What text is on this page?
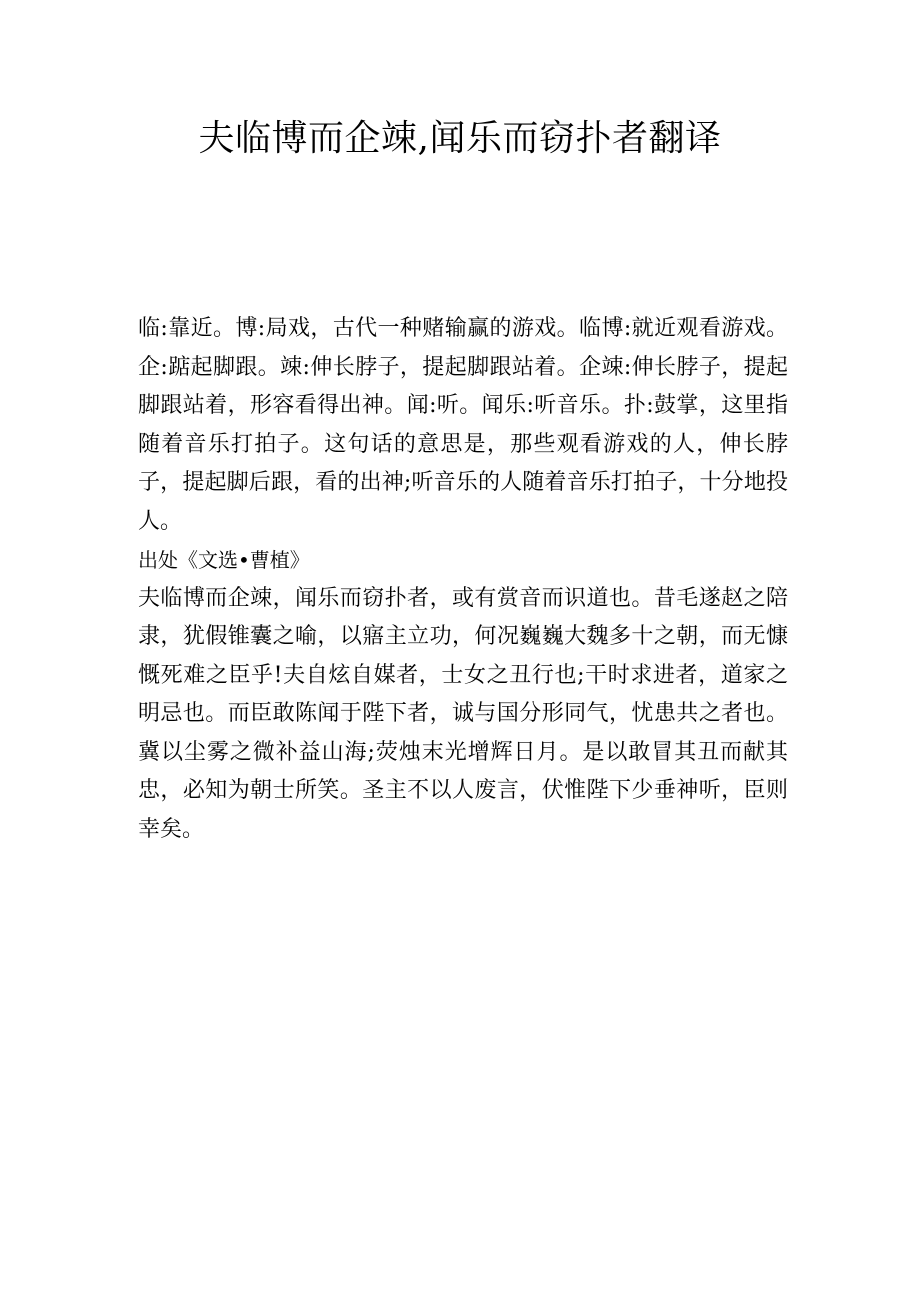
夫临博而企竦,闻乐而窃扑者翻译

临:靠近。博:局戏，古代一种赌输赢的游戏。临博:就近观看游戏。企:踮起脚跟。竦:伸长脖子，提起脚跟站着。企竦:伸长脖子，提起脚跟站着，形容看得出神。闻:听。闻乐:听音乐。扑:鼓掌，这里指随着音乐打拍子。这句话的意思是，那些观看游戏的人，伸长脖子，提起脚后跟，看的出神;听音乐的人随着音乐打拍子，十分地投人。

出处《文选•曹植》

夫临博而企竦，闻乐而窃扑者，或有赏音而识道也。昔毛遂赵之陪隶，犹假锥囊之喻，以寤主立功，何况巍巍大魏多十之朝，而无慷慨死难之臣乎!夫自炫自媒者，士女之丑行也;干时求进者，道家之明忌也。而臣敢陈闻于陛下者，诚与国分形同气，忧患共之者也。冀以尘雾之微补益山海;荧烛末光增辉日月。是以敢冒其丑而献其忠，必知为朝士所笑。圣主不以人废言，伏惟陛下少垂神听，臣则幸矣。
